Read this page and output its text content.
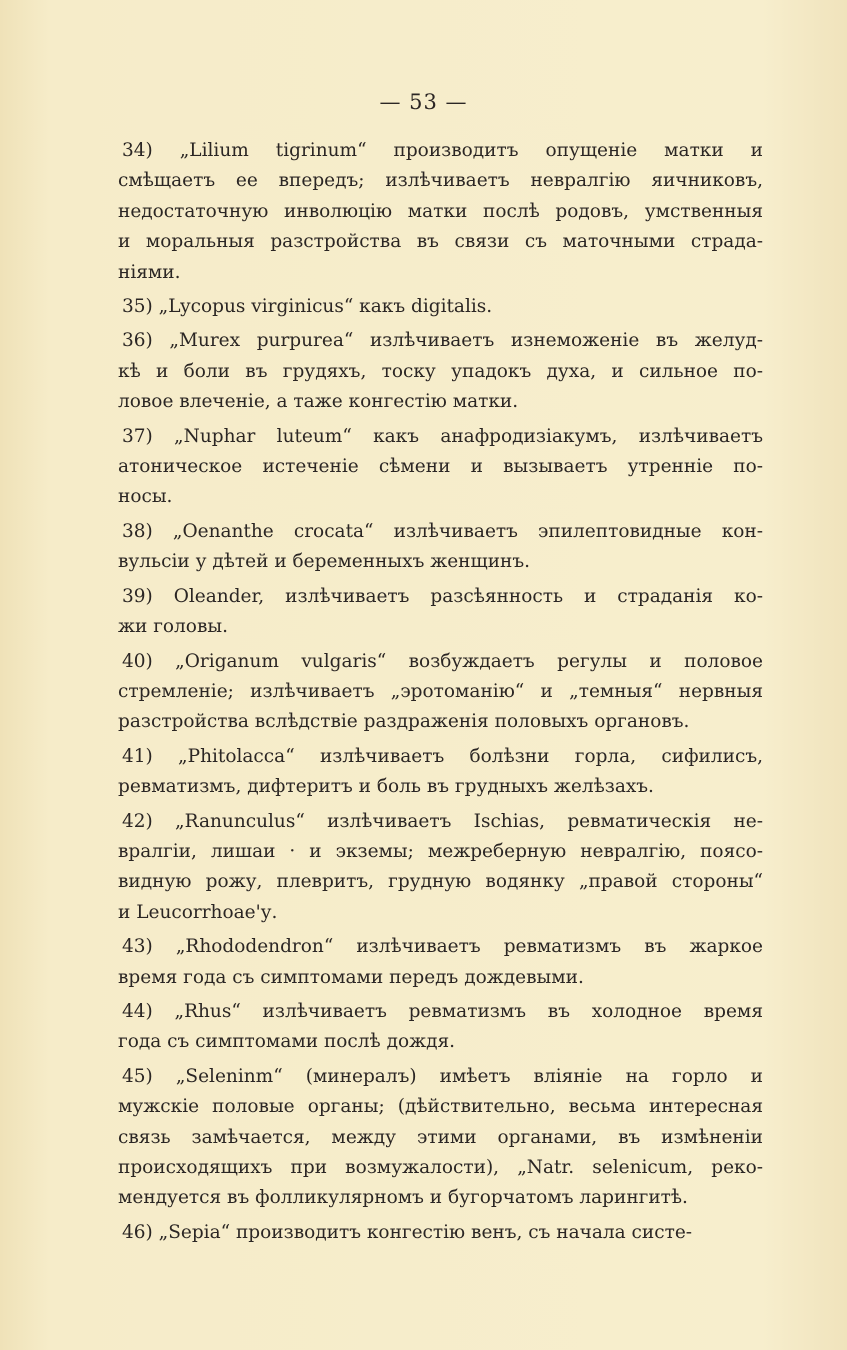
— 53 —
34) „Lilium tigrinum“ производитъ опущеніе матки и
смѣщаетъ ее впередъ; излѣчиваетъ невралгію яичниковъ,
недостаточную инволюцію матки послѣ родовъ, умственныя
и моральныя разстройства въ связи съ маточными страда-
ніями.
35) „Lycopus virginicus“ какъ digitalis.
36) „Murex purpurea“ излѣчиваетъ изнеможеніе въ желуд-
кѣ и боли въ грудяхъ, тоску упадокъ духа, и сильное по-
ловое влеченіе, а таже конгестію матки.
37) „Nuphar luteum“ какъ анафродизіакумъ, излѣчиваетъ
атоническое истеченіе сѣмени и вызываетъ утренніе по-
носы.
38) „Oenanthe crocata“ излѣчиваетъ эпилептовидные кон-
вульсіи у дѣтей и беременныхъ женщинъ.
39) Oleander, излѣчиваетъ разсѣянность и страданія ко-
жи головы.
40) „Origanum vulgaris“ возбуждаетъ регулы и половое
стремленіе; излѣчиваетъ „эротоманію“ и „темныя“ нервныя
разстройства вслѣдствіе раздраженія половыхъ органовъ.
41) „Phitolacca“ излѣчиваетъ болѣзни горла, сифилисъ,
ревматизмъ, дифтеритъ и боль въ грудныхъ желѣзахъ.
42) „Ranunculus“ излѣчиваетъ Ischias, ревматическія не-
вралгіи, лишаи · и экземы; межреберную невралгію, поясо-
видную рожу, плевритъ, грудную водянку „правой стороны“
и Leucorrhoae'у.
43) „Rhododendron“ излѣчиваетъ ревматизмъ въ жаркое
время года съ симптомами передъ дождевыми.
44) „Rhus“ излѣчиваетъ ревматизмъ въ холодное время
года съ симптомами послѣ дождя.
45) „Seleninm“ (минералъ) имѣетъ вліяніе на горло и
мужскіе половые органы; (дѣйствительно, весьма интересная
связь замѣчается, между этими органами, въ измѣненіи
происходящихъ при возмужалости), „Natr. selenicum, реко-
мендуется въ фолликулярномъ и бугорчатомъ ларингитѣ.
46) „Sepia“ производитъ конгестію венъ, съ начала систе-
